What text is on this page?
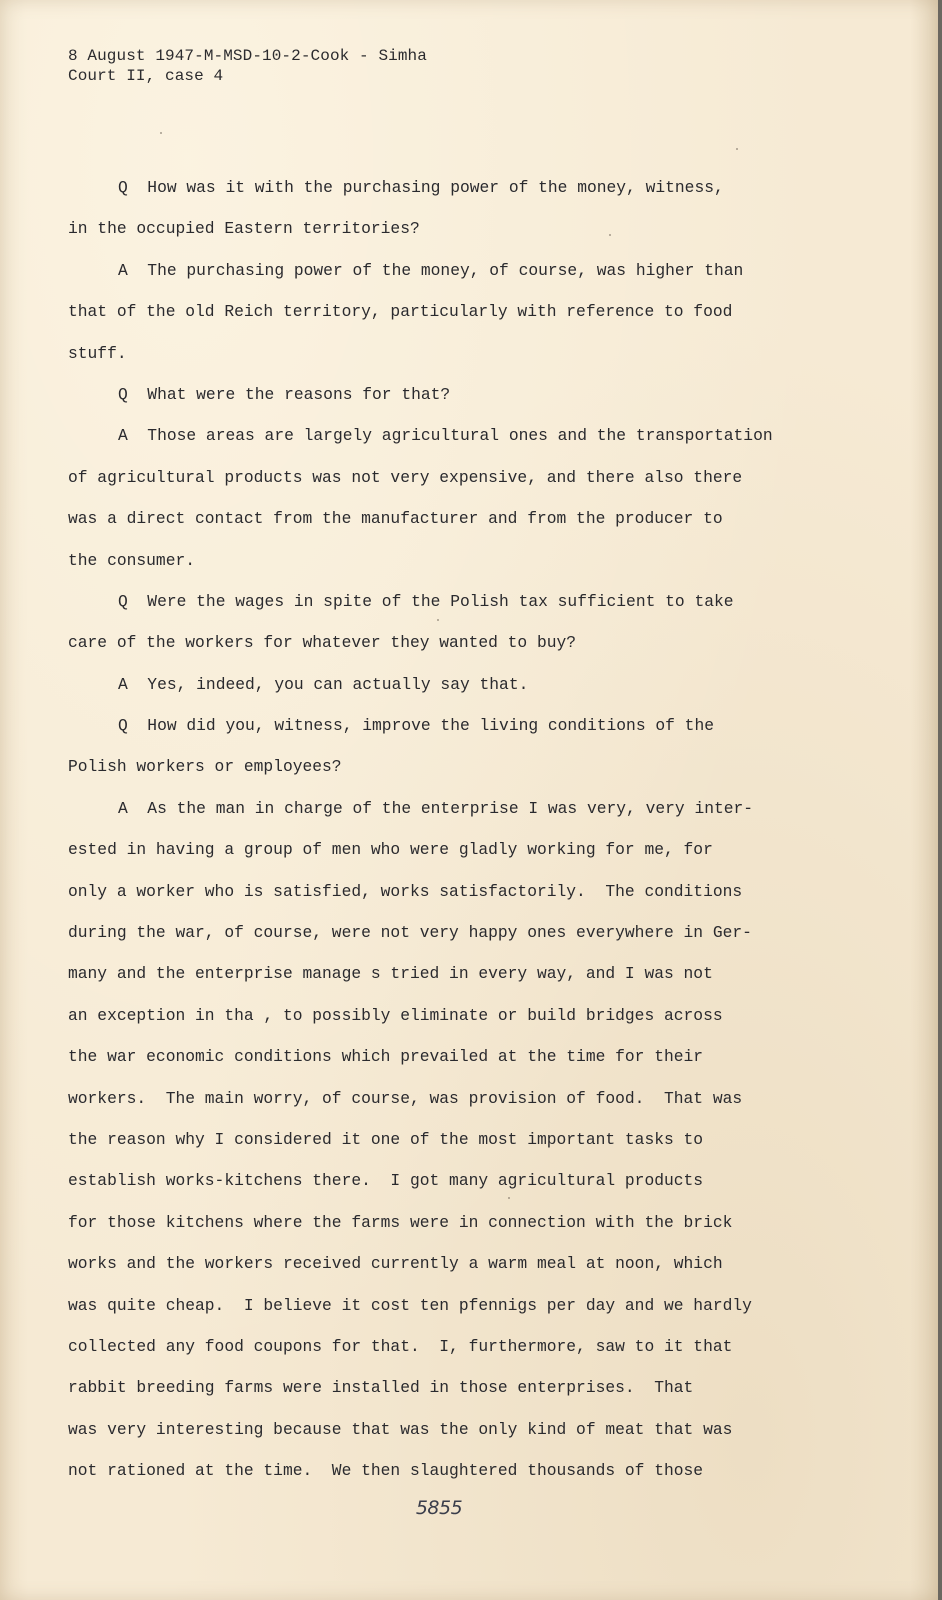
8 August 1947-M-MSD-10-2-Cook - Simha
Court II, case 4
Q  How was it with the purchasing power of the money, witness,
in the occupied Eastern territories?
A  The purchasing power of the money, of course, was higher than
that of the old Reich territory, particularly with reference to food
stuff.
Q  What were the reasons for that?
A  Those areas are largely agricultural ones and the transportation
of agricultural products was not very expensive, and there also there
was a direct contact from the manufacturer and from the producer to
the consumer.
Q  Were the wages in spite of the Polish tax sufficient to take
care of the workers for whatever they wanted to buy?
A  Yes, indeed, you can actually say that.
Q  How did you, witness, improve the living conditions of the
Polish workers or employees?
A  As the man in charge of the enterprise I was very, very inter-
ested in having a group of men who were gladly working for me, for
only a worker who is satisfied, works satisfactorily.  The conditions
during the war, of course, were not very happy ones everywhere in Ger-
many and the enterprise manage s tried in every way, and I was not
an exception in tha , to possibly eliminate or build bridges across
the war economic conditions which prevailed at the time for their
workers.  The main worry, of course, was provision of food.  That was
the reason why I considered it one of the most important tasks to
establish works-kitchens there.  I got many agricultural products
for those kitchens where the farms were in connection with the brick
works and the workers received currently a warm meal at noon, which
was quite cheap.  I believe it cost ten pfennigs per day and we hardly
collected any food coupons for that.  I, furthermore, saw to it that
rabbit breeding farms were installed in those enterprises.  That
was very interesting because that was the only kind of meat that was
not rationed at the time.  We then slaughtered thousands of those
5855
